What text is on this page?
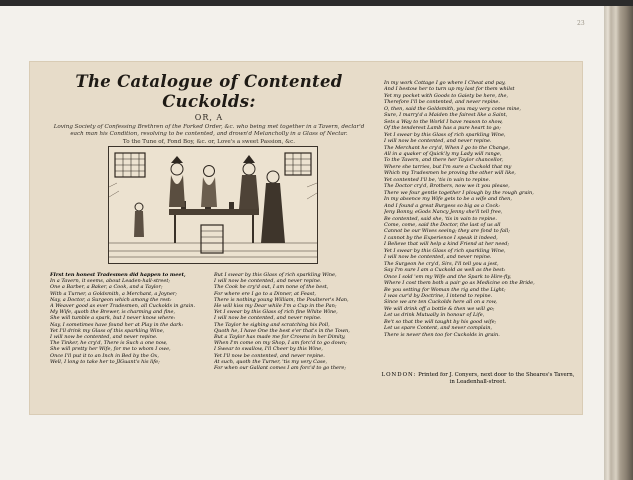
23
The Catalogue of Contented Cuckolds:
OR, A
Loving Society of Confessing Brethren of the Forked Order, &c. who being met together in a Tavern, declar'd each man his Condition, resolving to be contented, and drown'd Melancholly in a Glass of Nectar.
To the Tune of, Fond Boy, &c. or, Love's a sweet Passion, &c.
FIrst ten honest Tradesmen did happen to meet,
In a Tavern, it seems, about Leaden-hall-street;
One a Barber, a Baker, a Cook, and a Taylor;
With a Turner, a Goldsmith, a Merchant, a Joyner;
Nay, a Doctor, a Surgeon which among the rest:
A Weaver good as ever Tradesmen, all Cuckolds in grain.
My Wife, quoth the Brewer, is charming and fine,
She will tumble a spark, but I never know where:
Nay, I sometimes have found her at Play in the dark:
Yet I'll drink my Glass of this sparkling Wine,
I will now be contented, and never repine.
The Tinker, he cry'd, There is Such a one now,
She will pretty her Wife, for me to whom I owe,
Once I'll put it to an Inch in Bed by the Ox,
Well, I long to take her to JIGuant's his life;
But I swear by this Glass of rich sparkling Wine,
I will now be contented, and never repine.
The Cook he cry'd out, I am none of the best,
For where ere I go to a Dinner, at Feast,
There is nothing young William, the Poulterer's Man,
He will kiss my Dear while I'm a Cup in the Pan;
Yet I swear by this Glass of rich fine White Wine,
I will now be contented, and never repine.
The Taylor he sighing and scratching his Poll,
Quoth he, I have One the best e'er that's in the Town,
But a Taylor has made me for Crowns in her Dimity,
When I'm come on my Shop, I am forc'd to go down;
I Swear to swallow, I'll Cheer by this Wine,
Yet I'll now be contented, and never repine.
At such, quoth the Turner, 'tis my very Case,
For when our Gallant comes I am forc'd to go there;
In my work Cottage I go where I Cheat and pay,
And I bestow her to turn up my last for them whilst
Yet my pocket with Goods to Gaiety be here, the,
Therefore I'll be contented, and never repine.
O, then, said the Goldsmith, you may very come mine,
Sure, I marry'd a Maiden the fairest like a Saint,
Sets a Way to the World I have reason to show,
Of the tenderest Lamb has a pure heart to go;
Yet I swear by this Glass of rich sparkling Wine,
I will now be contented, and never repine.
The Merchant he cry'd, When I go to the Change,
All in a quaker of Quick'ly my Lady will range,
To the Tavern, and there her Taylor chancellor,
Where she tarries, but I'm sure a Cuckold that my
Which my Tradesmen he proving the other will like,
Yet contented I'll be, 'tis in vain to repine.
The Doctor cry'd, Brothers, now we it you please,
There we four gentle together I plough by the rough grain,
In my absence my Wife gets to be a wife and then,
And I found a great Burgess so big as a Cock:
Jeny Bonny, eGods Nancy Jenny she'll tell free,
Be contented, said she, 'tis in vain to repine.
Come, come, said the Doctor, the last of us all
Cannot be our Wives seeing; they are fond to fall;
I cannot by the Experience I speak it indeed,
I Believe that will help a kind Friend at her need;
Yet I swear by this Glass of rich sparkling Wine,
I will now be contented, and never repine.
The Surgeon he cry'd, Sirs, I'll tell you a jest,
Say I'm sure I am a Cuckold as well as the best:
Once I sold 'em my Wife and the Spark to Hire-fly,
Where I cost them both a pair go as Medicine on the Bride,
Be you setting for Woman the rig and the Light;
I was cur'd by Doctrine, I intend to repine.
Since we are ten Cuckolds here all on a row,
We will drink off a bottle & then we will go;
Let us drink Mutually in honour of Life,
Be't so that the will taught by his good wife;
Let us spare Content, and never complain,
There is never then too for Cuckolds in grain.
LONDON: Printed for J. Conyers, next door to the Sheares's Tavern, in Leadenhall-street.
